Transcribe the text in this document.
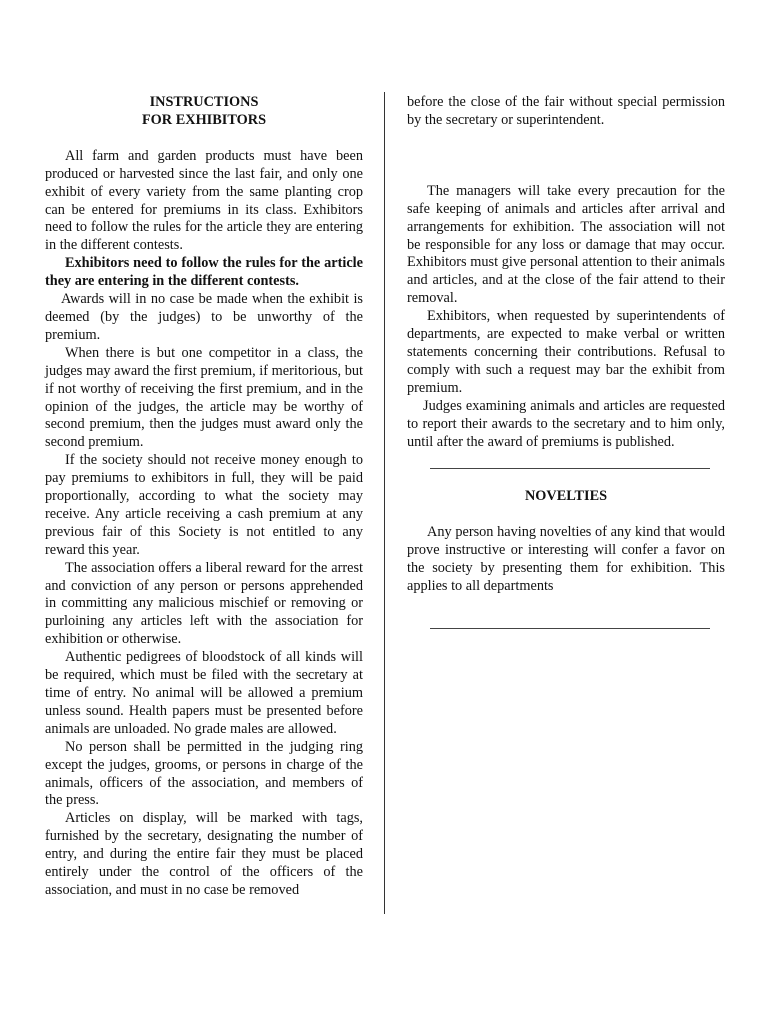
INSTRUCTIONS
FOR EXHIBITORS

All farm and garden products must have been produced or harvested since the last fair, and only one exhibit of every variety from the same planting crop can be entered for premiums in its class. Exhibitors need to follow the rules for the article they are entering in the different contests.

Exhibitors need to follow the rules for the article they are entering in the different contests.

Awards will in no case be made when the exhibit is deemed (by the judges) to be unworthy of the premium.

When there is but one competitor in a class, the judges may award the first premium, if meritorious, but if not worthy of receiving the first premium, and in the opinion of the judges, the article may be worthy of second premium, then the judges must award only the second premium.

If the society should not receive money enough to pay premiums to exhibitors in full, they will be paid proportionally, according to what the society may receive. Any article receiving a cash premium at any previous fair of this Society is not entitled to any reward this year.

The association offers a liberal reward for the arrest and conviction of any person or persons apprehended in committing any malicious mischief or removing or purloining any articles left with the association for exhibition or otherwise.

Authentic pedigrees of bloodstock of all kinds will be required, which must be filed with the secretary at time of entry. No animal will be allowed a premium unless sound. Health papers must be presented before animals are unloaded. No grade males are allowed.

No person shall be permitted in the judging ring except the judges, grooms, or persons in charge of the animals, officers of the association, and members of the press.

Articles on display, will be marked with tags, furnished by the secretary, designating the number of entry, and during the entire fair they must be placed entirely under the control of the officers of the association, and must in no case be removed

before the close of the fair without special permission by the secretary or superintendent.

The managers will take every precaution for the safe keeping of animals and articles after arrival and arrangements for exhibition. The association will not be responsible for any loss or damage that may occur. Exhibitors must give personal attention to their animals and articles, and at the close of the fair attend to their removal.

Exhibitors, when requested by superintendents of departments, are expected to make verbal or written statements concerning their contributions. Refusal to comply with such a request may bar the exhibit from premium.

Judges examining animals and articles are requested to report their awards to the secretary and to him only, until after the award of premiums is published.

NOVELTIES

Any person having novelties of any kind that would prove instructive or interesting will confer a favor on the society by presenting them for exhibition. This applies to all departments
